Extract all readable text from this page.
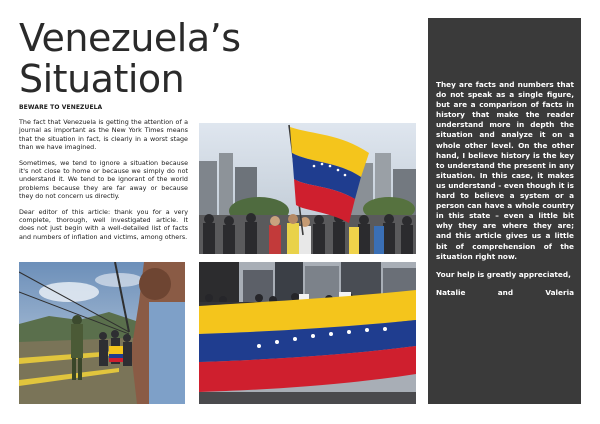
Venezuela’s
Situation
BEWARE TO VENEZUELA

The fact that Venezuela is getting the attention of a journal as important as the New York Times means that the situation in fact, is clearly in a worst stage than we have imagined.

Sometimes, we tend to ignore a situation because it's not close to home or because we simply do not understand it. We tend to be ignorant of the world problems because they are far away or because they do not concern us directly.

Dear editor of this article: thank you for a very complete, thorough, well investigated article. It does not just begin with a well-detailed list of facts and numbers of inflation and victims, among others.

They are facts and numbers that do not speak as a single figure, but are a comparison of facts in history that make the reader understand more in depth the situation and analyze it on a whole other level. On the other hand, I believe history is the key to understand the present in any situation. In this case, it makes us understand - even though it is hard to believe a system or a person can have a whole country in this state – even a little bit why they are where they are; and this article gives us a little bit of comprehension of the situation right now.

Your help is greatly appreciated,

Natalie	and	Valeria
